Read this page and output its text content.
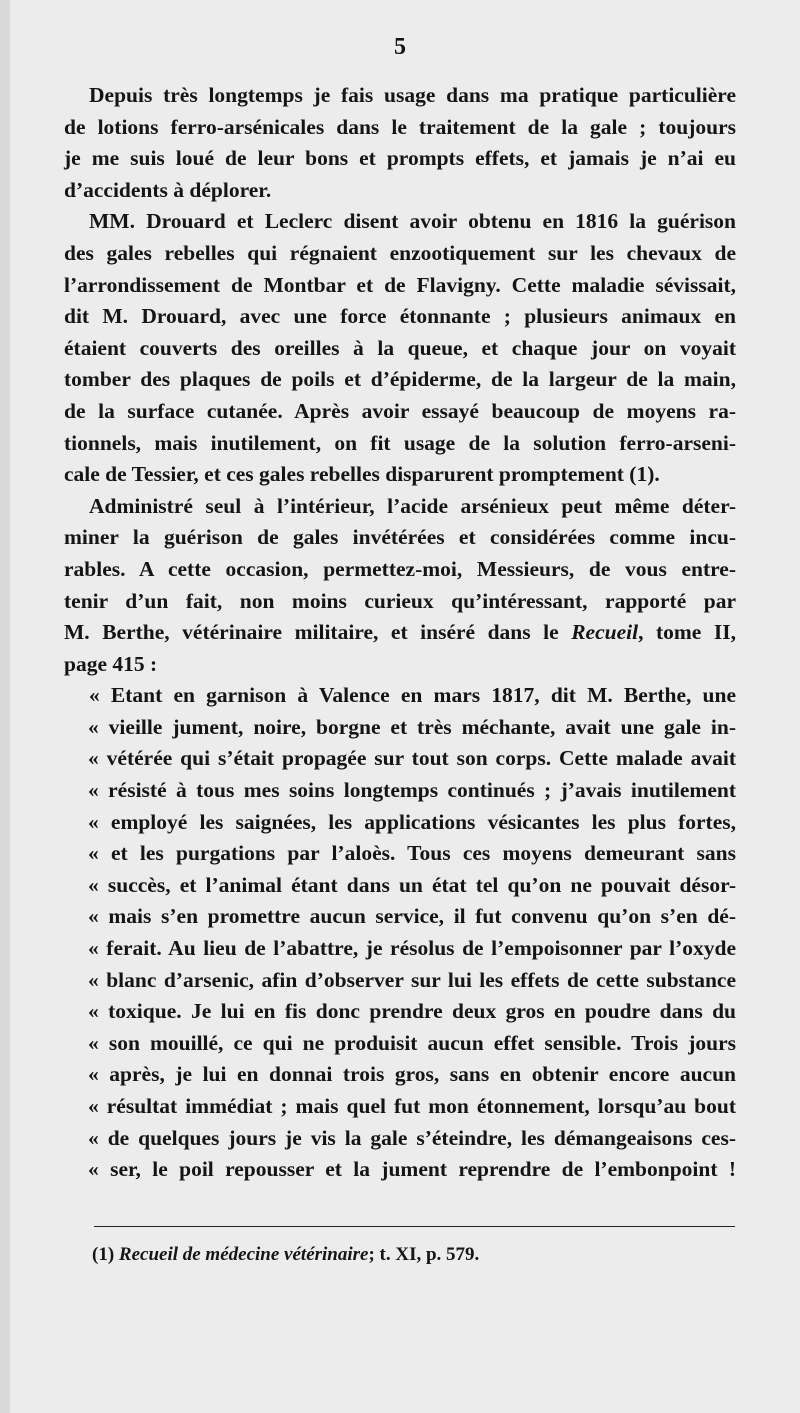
5
Depuis très longtemps je fais usage dans ma pratique particulière
de lotions ferro-arsénicales dans le traitement de la gale ; toujours
je me suis loué de leur bons et prompts effets, et jamais je n’ai eu
d’accidents à déplorer.
MM. Drouard et Leclerc disent avoir obtenu en 1816 la guérison
des gales rebelles qui régnaient enzootiquement sur les chevaux de
l’arrondissement de Montbar et de Flavigny. Cette maladie sévissait,
dit M. Drouard, avec une force étonnante ; plusieurs animaux en
étaient couverts des oreilles à la queue, et chaque jour on voyait
tomber des plaques de poils et d’épiderme, de la largeur de la main,
de la surface cutanée. Après avoir essayé beaucoup de moyens ra-
tionnels, mais inutilement, on fit usage de la solution ferro-arseni-
cale de Tessier, et ces gales rebelles disparurent promptement (1).
Administré seul à l’intérieur, l’acide arsénieux peut même déter-
miner la guérison de gales invétérées et considérées comme incu-
rables. A cette occasion, permettez-moi, Messieurs, de vous entre-
tenir d’un fait, non moins curieux qu’intéressant, rapporté par
M. Berthe, vétérinaire militaire, et inséré dans le Recueil, tome II,
page 415 :
« Etant en garnison à Valence en mars 1817, dit M. Berthe, une
« vieille jument, noire, borgne et très méchante, avait une gale in-
« vétérée qui s’était propagée sur tout son corps. Cette malade avait
« résisté à tous mes soins longtemps continués ; j’avais inutilement
« employé les saignées, les applications vésicantes les plus fortes,
« et les purgations par l’aloès. Tous ces moyens demeurant sans
« succès, et l’animal étant dans un état tel qu’on ne pouvait désor-
« mais s’en promettre aucun service, il fut convenu qu’on s’en dé-
« ferait. Au lieu de l’abattre, je résolus de l’empoisonner par l’oxyde
« blanc d’arsenic, afin d’observer sur lui les effets de cette substance
« toxique. Je lui en fis donc prendre deux gros en poudre dans du
« son mouillé, ce qui ne produisit aucun effet sensible. Trois jours
« après, je lui en donnai trois gros, sans en obtenir encore aucun
« résultat immédiat ; mais quel fut mon étonnement, lorsqu’au bout
« de quelques jours je vis la gale s’éteindre, les démangeaisons ces-
« ser, le poil repousser et la jument reprendre de l’embonpoint !
(1) Recueil de médecine vétérinaire; t. XI, p. 579.
